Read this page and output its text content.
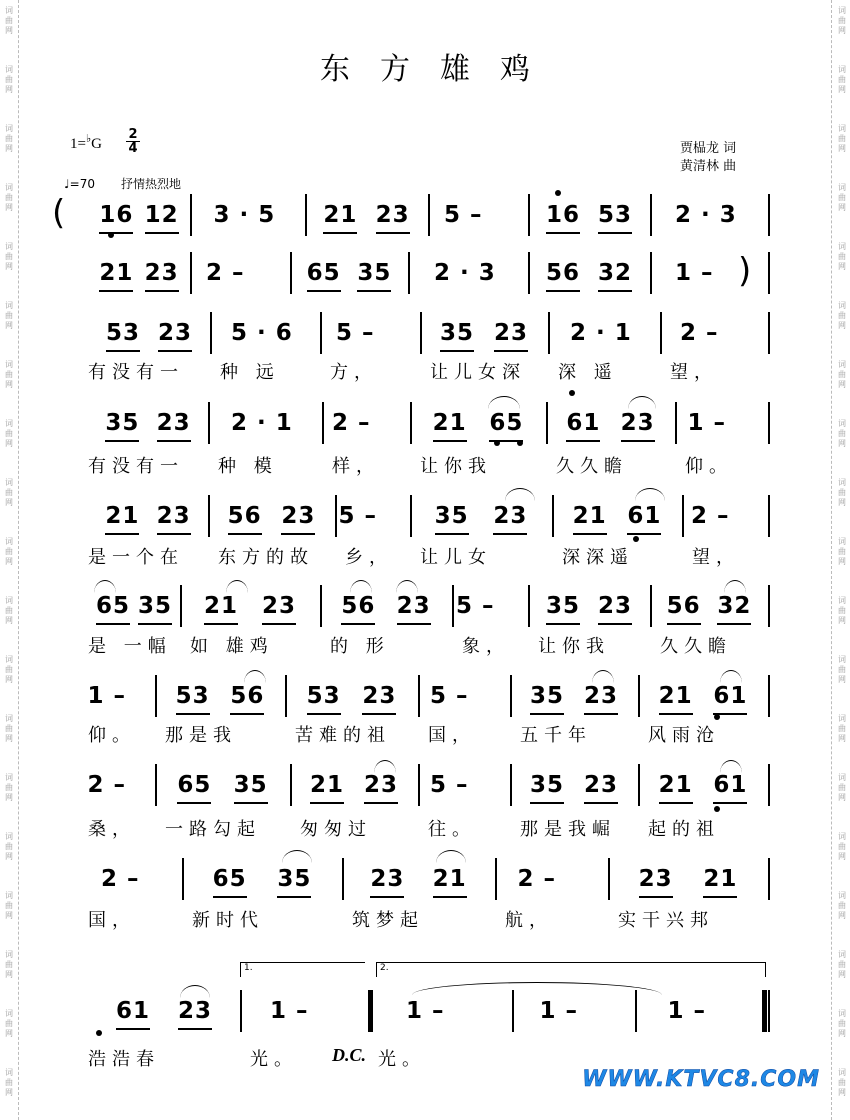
词
曲
网
词
曲
网
词
曲
网
词
曲
网
词
曲
网
词
曲
网
词
曲
网
词
曲
网
词
曲
网
词
曲
网
词
曲
网
词
曲
网
词
曲
网
词
曲
网
词
曲
网
词
曲
网
词
曲
网
词
曲
网
词
曲
网
词
曲
网
词
曲
网
词
曲
网
词
曲
网
词
曲
网
词
曲
网
词
曲
网
词
曲
网
词
曲
网
词
曲
网
词
曲
网
词
曲
网
词
曲
网
词
曲
网
词
曲
网
词
曲
网
词
曲
网
词
曲
网
词
曲
网
东方雄鸡
1=♭G
2
4	贾榀龙 词
黄清林 曲
♩=70 抒情热烈地
16 12 3 · 5 21 23 5 –	16 53 2 · 3
21 23 2 –	65 35 2 · 3 56 32 1 –
53 23 5 · 6 5 –	35 23 2 · 1 2 –
有没有一 种 远	方，	让儿女深 深 遥	望，
35 23 2 · 1 2 –	21 65 61 23 1 –
有没有一 种 模	样， 让你我	久久瞻	仰。
21 23 56 23 5 –	35 23 21 61 2 –
是一个在 东方的故 乡， 让儿女	深深遥	望，
65 35 21 23 56 23 5 – 35 23 56 32
是 一幅 如 雄鸡	的 形	象， 让你我	久久瞻
1 – 53 56 53 23 5 –	35 23 21 61
仰。 那是我	苦难的祖 国， 五千年	风雨沧
2 – 65 35 21 23 5 –	35 23 21 61
桑， 一路勾起 匆匆过	往。 那是我崛 起的祖
2 –	65 35	23 21 2 –	23 21
国，	新时代	筑梦起	航，	实干兴邦
61 23	1 –	1 –	1 –	1 –
浩浩春	光。	光。
(
)
1.	2.
D.C.
WWW.KTVC8.COM
